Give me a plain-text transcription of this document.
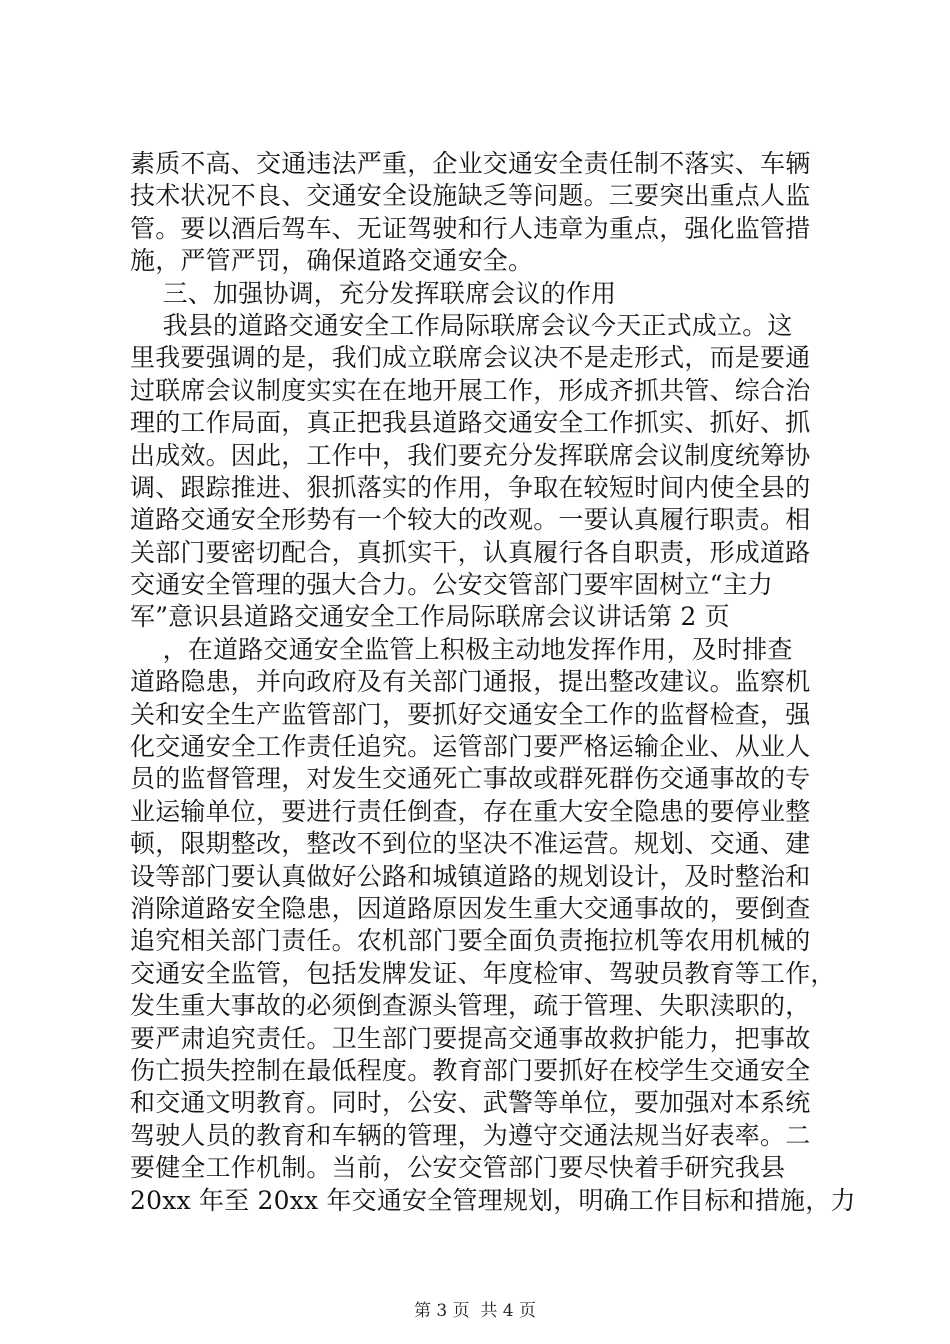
素质不高、交通违法严重，企业交通安全责任制不落实、车辆
技术状况不良、交通安全设施缺乏等问题。三要突出重点人监
管。要以酒后驾车、无证驾驶和行人违章为重点，强化监管措
施，严管严罚，确保道路交通安全。
三、加强协调，充分发挥联席会议的作用
我县的道路交通安全工作局际联席会议今天正式成立。这
里我要强调的是，我们成立联席会议决不是走形式，而是要通
过联席会议制度实实在在地开展工作，形成齐抓共管、综合治
理的工作局面，真正把我县道路交通安全工作抓实、抓好、抓
出成效。因此，工作中，我们要充分发挥联席会议制度统筹协
调、跟踪推进、狠抓落实的作用，争取在较短时间内使全县的
道路交通安全形势有一个较大的改观。一要认真履行职责。相
关部门要密切配合，真抓实干，认真履行各自职责，形成道路
交通安全管理的强大合力。公安交管部门要牢固树立“主力
军”意识县道路交通安全工作局际联席会议讲话第 2 页
，在道路交通安全监管上积极主动地发挥作用，及时排查
道路隐患，并向政府及有关部门通报，提出整改建议。监察机
关和安全生产监管部门，要抓好交通安全工作的监督检查，强
化交通安全工作责任追究。运管部门要严格运输企业、从业人
员的监督管理，对发生交通死亡事故或群死群伤交通事故的专
业运输单位，要进行责任倒查，存在重大安全隐患的要停业整
顿，限期整改，整改不到位的坚决不准运营。规划、交通、建
设等部门要认真做好公路和城镇道路的规划设计，及时整治和
消除道路安全隐患，因道路原因发生重大交通事故的，要倒查
追究相关部门责任。农机部门要全面负责拖拉机等农用机械的
交通安全监管，包括发牌发证、年度检审、驾驶员教育等工作，
发生重大事故的必须倒查源头管理，疏于管理、失职渎职的，
要严肃追究责任。卫生部门要提高交通事故救护能力，把事故
伤亡损失控制在最低程度。教育部门要抓好在校学生交通安全
和交通文明教育。同时，公安、武警等单位，要加强对本系统
驾驶人员的教育和车辆的管理，为遵守交通法规当好表率。二
要健全工作机制。当前，公安交管部门要尽快着手研究我县
20xx 年至 20xx 年交通安全管理规划，明确工作目标和措施，力
第 3 页  共 4 页
